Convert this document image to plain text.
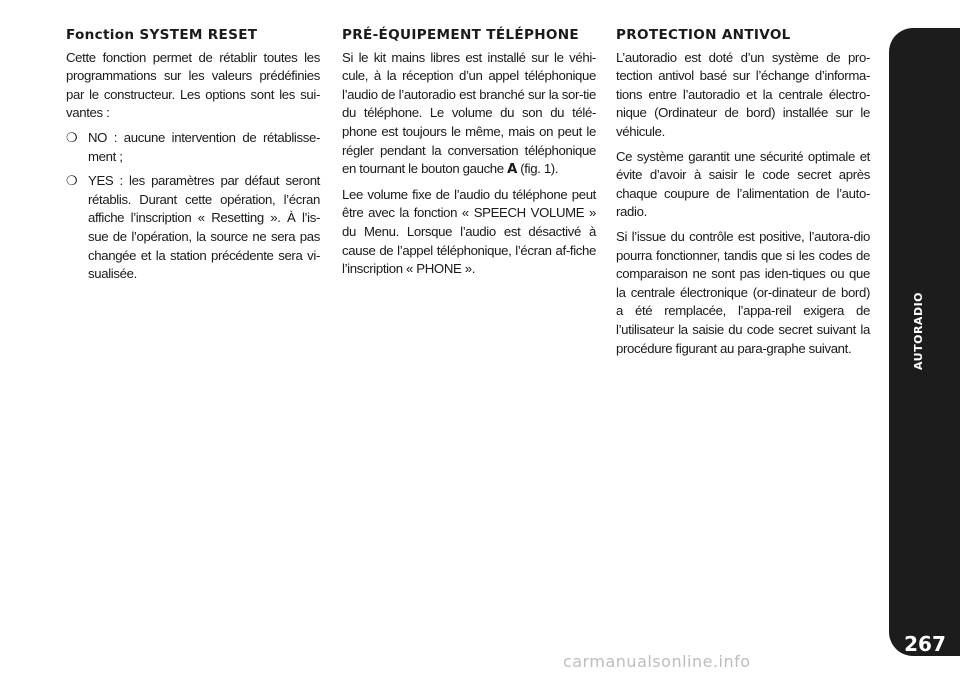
Fonction SYSTEM RESET

Cette fonction permet de rétablir toutes les programmations sur les valeurs prédéfinies par le constructeur. Les options sont les sui-vantes :

❍ NO : aucune intervention de rétablisse-ment ;
❍ YES : les paramètres par défaut seront rétablis. Durant cette opération, l’écran affiche l’inscription « Resetting ». À l’is-sue de l’opération, la source ne sera pas changée et la station précédente sera vi-sualisée.
PRÉ-ÉQUIPEMENT TÉLÉPHONE

Si le kit mains libres est installé sur le véhi-cule, à la réception d’un appel téléphonique l’audio de l’autoradio est branché sur la sor-tie du téléphone. Le volume du son du télé-phone est toujours le même, mais on peut le régler pendant la conversation téléphonique en tournant le bouton gauche A (fig. 1).

Lee volume fixe de l’audio du téléphone peut être avec la fonction « SPEECH VOLUME » du Menu. Lorsque l’audio est désactivé à cause de l’appel téléphonique, l’écran af-fiche l’inscription « PHONE ».

PROTECTION ANTIVOL

L’autoradio est doté d’un système de pro-tection antivol basé sur l’échange d’informa-tions entre l’autoradio et la centrale électro-nique (Ordinateur de bord) installée sur le véhicule.

Ce système garantit une sécurité optimale et évite d’avoir à saisir le code secret après chaque coupure de l’alimentation de l’auto-radio.

Si l’issue du contrôle est positive, l’autora-dio pourra fonctionner, tandis que si les codes de comparaison ne sont pas iden-tiques ou que la centrale électronique (or-dinateur de bord) a été remplacée, l’appa-reil exigera de l’utilisateur la saisie du code secret suivant la procédure figurant au para-graphe suivant.	AUTORADIO
267
carmanualsonline.info
